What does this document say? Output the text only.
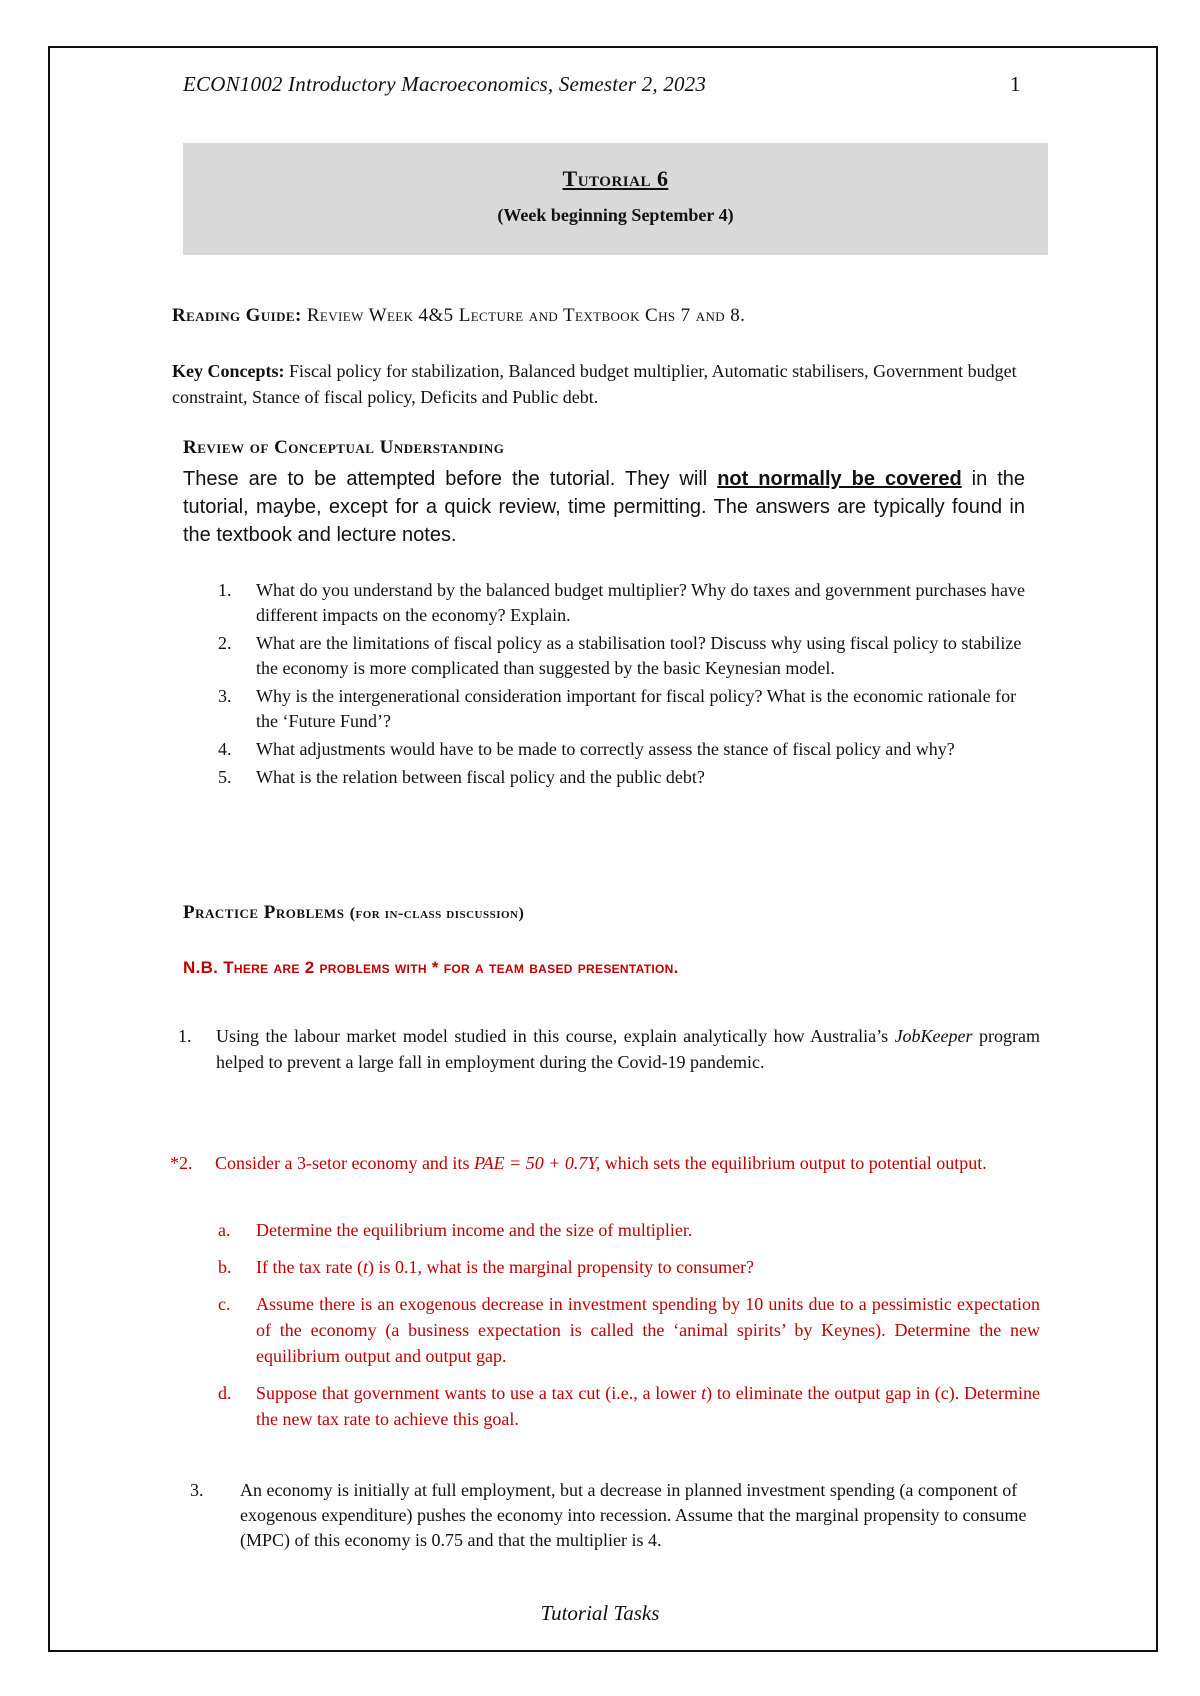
ECON1002 Introductory Macroeconomics, Semester 2, 2023	1
Tutorial 6
(Week beginning September 4)
Reading Guide: Review Week 4&5 Lecture and Textbook Chs 7 and 8.
Key Concepts: Fiscal policy for stabilization, Balanced budget multiplier, Automatic stabilisers, Government budget constraint, Stance of fiscal policy, Deficits and Public debt.
Review of Conceptual Understanding
These are to be attempted before the tutorial. They will not normally be covered in the tutorial, maybe, except for a quick review, time permitting. The answers are typically found in the textbook and lecture notes.
1. What do you understand by the balanced budget multiplier? Why do taxes and government purchases have different impacts on the economy? Explain.
2. What are the limitations of fiscal policy as a stabilisation tool? Discuss why using fiscal policy to stabilize the economy is more complicated than suggested by the basic Keynesian model.
3. Why is the intergenerational consideration important for fiscal policy? What is the economic rationale for the ‘Future Fund’?
4. What adjustments would have to be made to correctly assess the stance of fiscal policy and why?
5. What is the relation between fiscal policy and the public debt?
Practice Problems (for in-class discussion)
N.B. There are 2 problems with * for a team based presentation.
1. Using the labour market model studied in this course, explain analytically how Australia’s JobKeeper program helped to prevent a large fall in employment during the Covid-19 pandemic.
*2. Consider a 3-setor economy and its PAE = 50 + 0.7Y, which sets the equilibrium output to potential output.
a. Determine the equilibrium income and the size of multiplier.
b. If the tax rate (t) is 0.1, what is the marginal propensity to consumer?
c. Assume there is an exogenous decrease in investment spending by 10 units due to a pessimistic expectation of the economy (a business expectation is called the ‘animal spirits’ by Keynes). Determine the new equilibrium output and output gap.
d. Suppose that government wants to use a tax cut (i.e., a lower t) to eliminate the output gap in (c). Determine the new tax rate to achieve this goal.
3. An economy is initially at full employment, but a decrease in planned investment spending (a component of exogenous expenditure) pushes the economy into recession. Assume that the marginal propensity to consume (MPC) of this economy is 0.75 and that the multiplier is 4.
Tutorial Tasks
